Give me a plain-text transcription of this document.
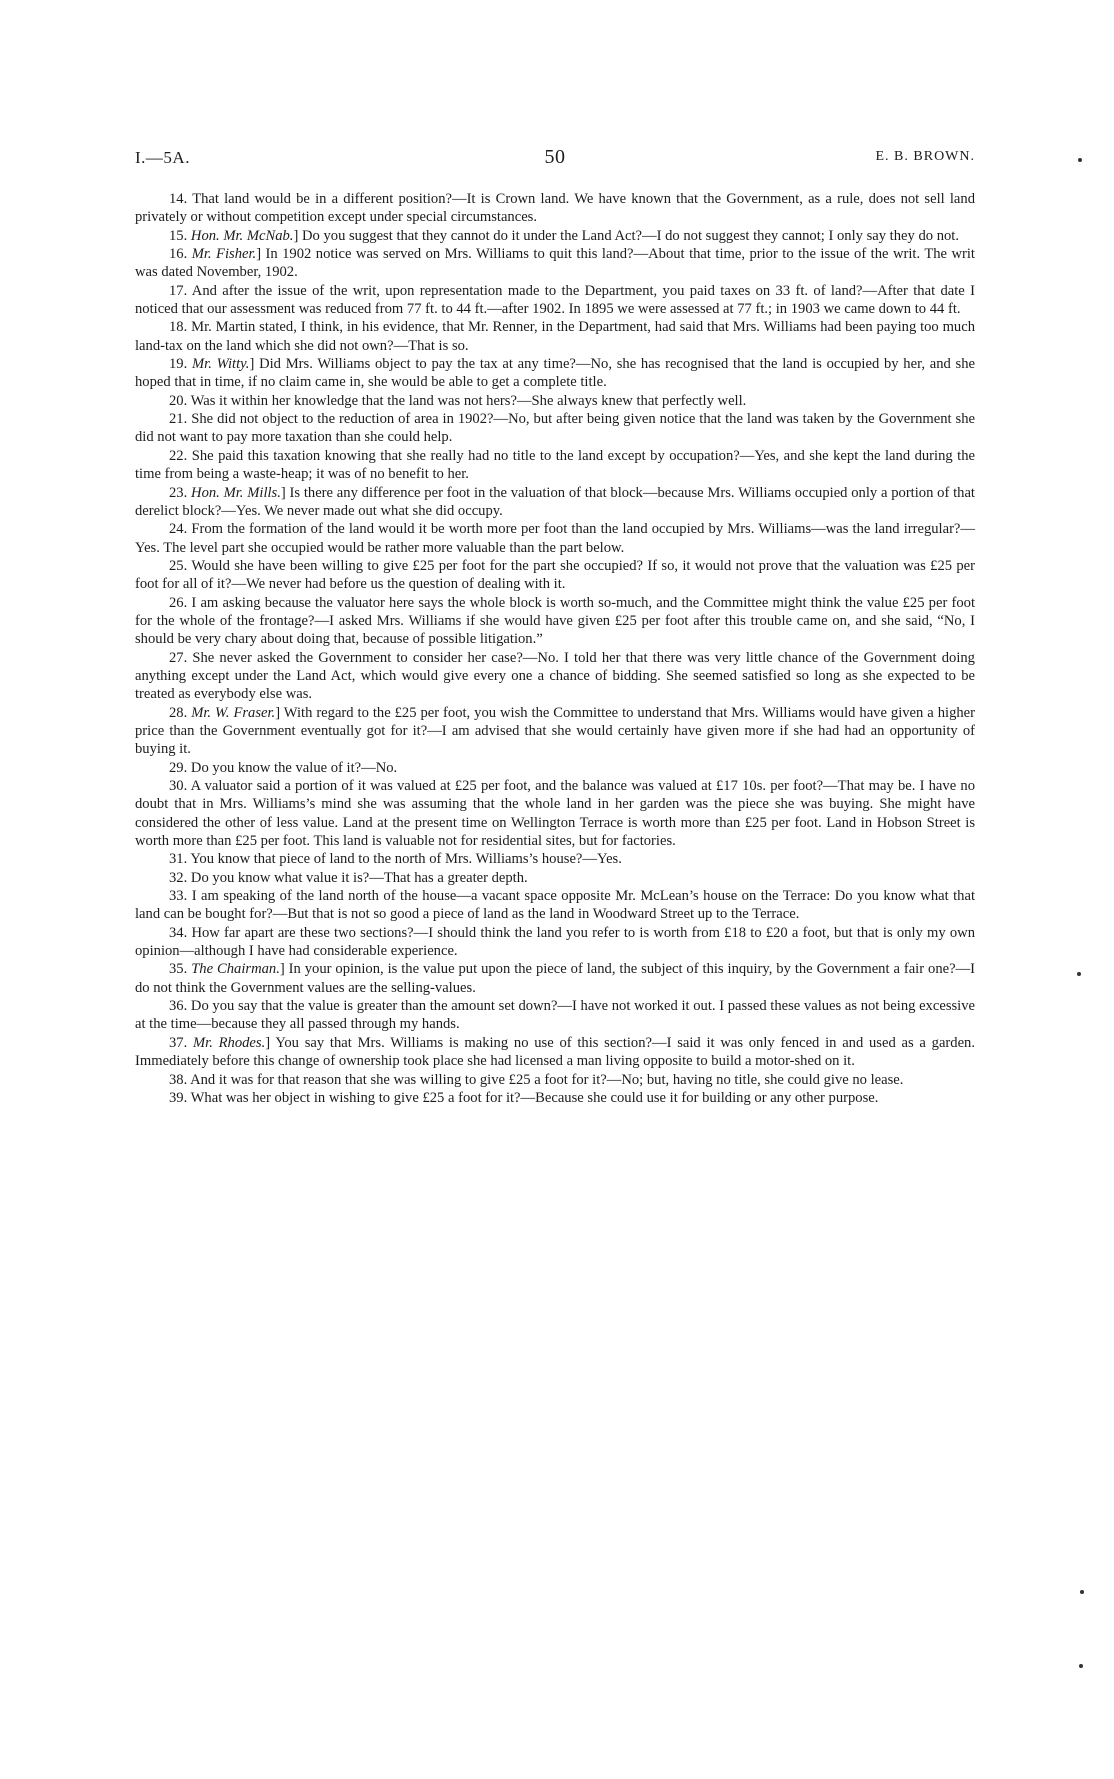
I.—5A.	50	E. B. BROWN.

14. That land would be in a different position?—It is Crown land. We have known that the Government, as a rule, does not sell land privately or without competition except under special circumstances.

15. Hon. Mr. McNab.] Do you suggest that they cannot do it under the Land Act?—I do not suggest they cannot; I only say they do not.

16. Mr. Fisher.] In 1902 notice was served on Mrs. Williams to quit this land?—About that time, prior to the issue of the writ. The writ was dated November, 1902.

17. And after the issue of the writ, upon representation made to the Department, you paid taxes on 33 ft. of land?—After that date I noticed that our assessment was reduced from 77 ft. to 44 ft.—after 1902. In 1895 we were assessed at 77 ft.; in 1903 we came down to 44 ft.

18. Mr. Martin stated, I think, in his evidence, that Mr. Renner, in the Department, had said that Mrs. Williams had been paying too much land-tax on the land which she did not own?—That is so.

19. Mr. Witty.] Did Mrs. Williams object to pay the tax at any time?—No, she has recognised that the land is occupied by her, and she hoped that in time, if no claim came in, she would be able to get a complete title.

20. Was it within her knowledge that the land was not hers?—She always knew that perfectly well.

21. She did not object to the reduction of area in 1902?—No, but after being given notice that the land was taken by the Government she did not want to pay more taxation than she could help.

22. She paid this taxation knowing that she really had no title to the land except by occupation?—Yes, and she kept the land during the time from being a waste-heap; it was of no benefit to her.

23. Hon. Mr. Mills.] Is there any difference per foot in the valuation of that block—because Mrs. Williams occupied only a portion of that derelict block?—Yes. We never made out what she did occupy.

24. From the formation of the land would it be worth more per foot than the land occupied by Mrs. Williams—was the land irregular?—Yes. The level part she occupied would be rather more valuable than the part below.

25. Would she have been willing to give £25 per foot for the part she occupied? If so, it would not prove that the valuation was £25 per foot for all of it?—We never had before us the question of dealing with it.

26. I am asking because the valuator here says the whole block is worth so-much, and the Committee might think the value £25 per foot for the whole of the frontage?—I asked Mrs. Williams if she would have given £25 per foot after this trouble came on, and she said, “No, I should be very chary about doing that, because of possible litigation.”

27. She never asked the Government to consider her case?—No. I told her that there was very little chance of the Government doing anything except under the Land Act, which would give every one a chance of bidding. She seemed satisfied so long as she expected to be treated as everybody else was.

28. Mr. W. Fraser.] With regard to the £25 per foot, you wish the Committee to understand that Mrs. Williams would have given a higher price than the Government eventually got for it?—I am advised that she would certainly have given more if she had had an opportunity of buying it.

29. Do you know the value of it?—No.

30. A valuator said a portion of it was valued at £25 per foot, and the balance was valued at £17 10s. per foot?—That may be. I have no doubt that in Mrs. Williams’s mind she was assuming that the whole land in her garden was the piece she was buying. She might have considered the other of less value. Land at the present time on Wellington Terrace is worth more than £25 per foot. Land in Hobson Street is worth more than £25 per foot. This land is valuable not for residential sites, but for factories.

31. You know that piece of land to the north of Mrs. Williams’s house?—Yes.

32. Do you know what value it is?—That has a greater depth.

33. I am speaking of the land north of the house—a vacant space opposite Mr. McLean’s house on the Terrace: Do you know what that land can be bought for?—But that is not so good a piece of land as the land in Woodward Street up to the Terrace.

34. How far apart are these two sections?—I should think the land you refer to is worth from £18 to £20 a foot, but that is only my own opinion—although I have had considerable experience.

35. The Chairman.] In your opinion, is the value put upon the piece of land, the subject of this inquiry, by the Government a fair one?—I do not think the Government values are the selling-values.

36. Do you say that the value is greater than the amount set down?—I have not worked it out. I passed these values as not being excessive at the time—because they all passed through my hands.

37. Mr. Rhodes.] You say that Mrs. Williams is making no use of this section?—I said it was only fenced in and used as a garden. Immediately before this change of ownership took place she had licensed a man living opposite to build a motor-shed on it.

38. And it was for that reason that she was willing to give £25 a foot for it?—No; but, having no title, she could give no lease.

39. What was her object in wishing to give £25 a foot for it?—Because she could use it for building or any other purpose.
